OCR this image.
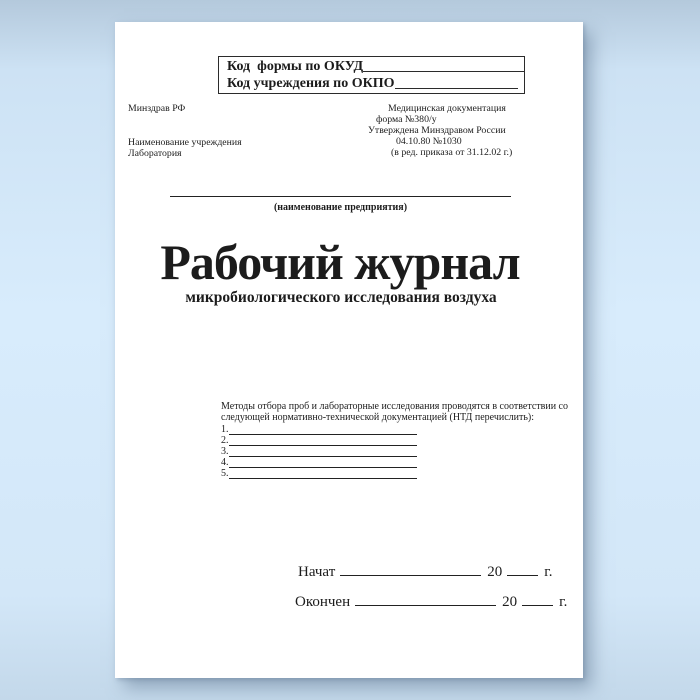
Код  формы по ОКУД
Код учреждения по ОКПО
Минздрав РФ
Наименование учреждения
Лаборатория
Медицинская документация
форма №380/у
Утверждена Минздравом России
04.10.80 №1030
(в ред. приказа от 31.12.02 г.)
(наименование предприятия)
Рабочий журнал
микробиологического исследования воздуха
Методы отбора проб и лабораторные исследования проводятся в соответствии со
следующей нормативно-технической документацией (НТД перечислить):
1.
2.
3.
4.
5.
Начат	20	г.
Окончен	20	г.
